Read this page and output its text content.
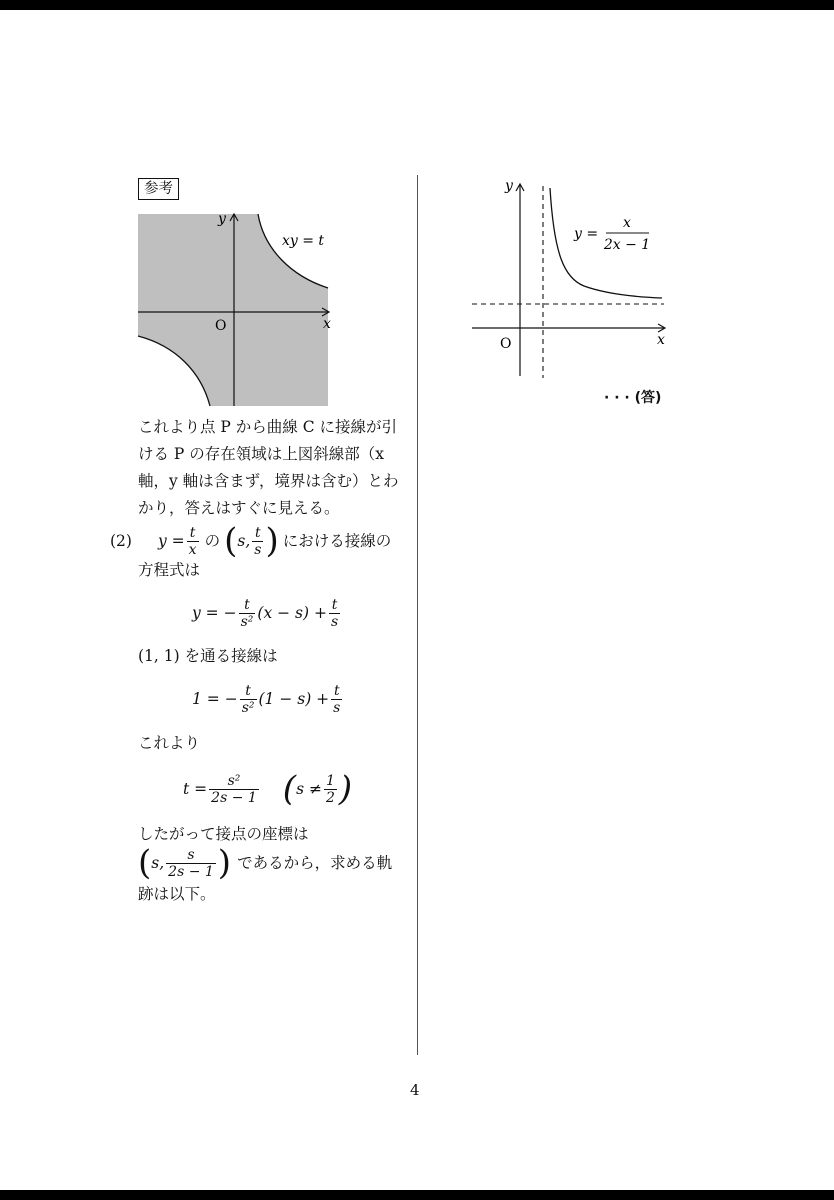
参考
y
x
O
xy = t
これより点 P から曲線 C に接線が引
ける P の存在領域は上図斜線部（x
軸，y 軸は含まず，境界は含む）とわ
かり，答えはすぐに見える。
(2) $y = \frac{t}{x}$ の ( s, $\frac{t}{s}$ ) における接線の
方程式は
y = − $\frac{t}{\text{s²}} (x - s) + \frac{t}{s}$
(1, 1) を通る接線は
1 = − $\frac{t}{\text{s²}} (1 - s) + \frac{t}{s}$
これより
$t = \frac{\text{s²}}{2s - 1}$ ( $s \ne \frac{1}{2}$ )
したがって接点の座標は
( s, $\frac{s}{2s - 1}$ ) であるから，求める軌
跡は以下。
y
x
O
y =
x
2x − 1
· · · (答)
4
